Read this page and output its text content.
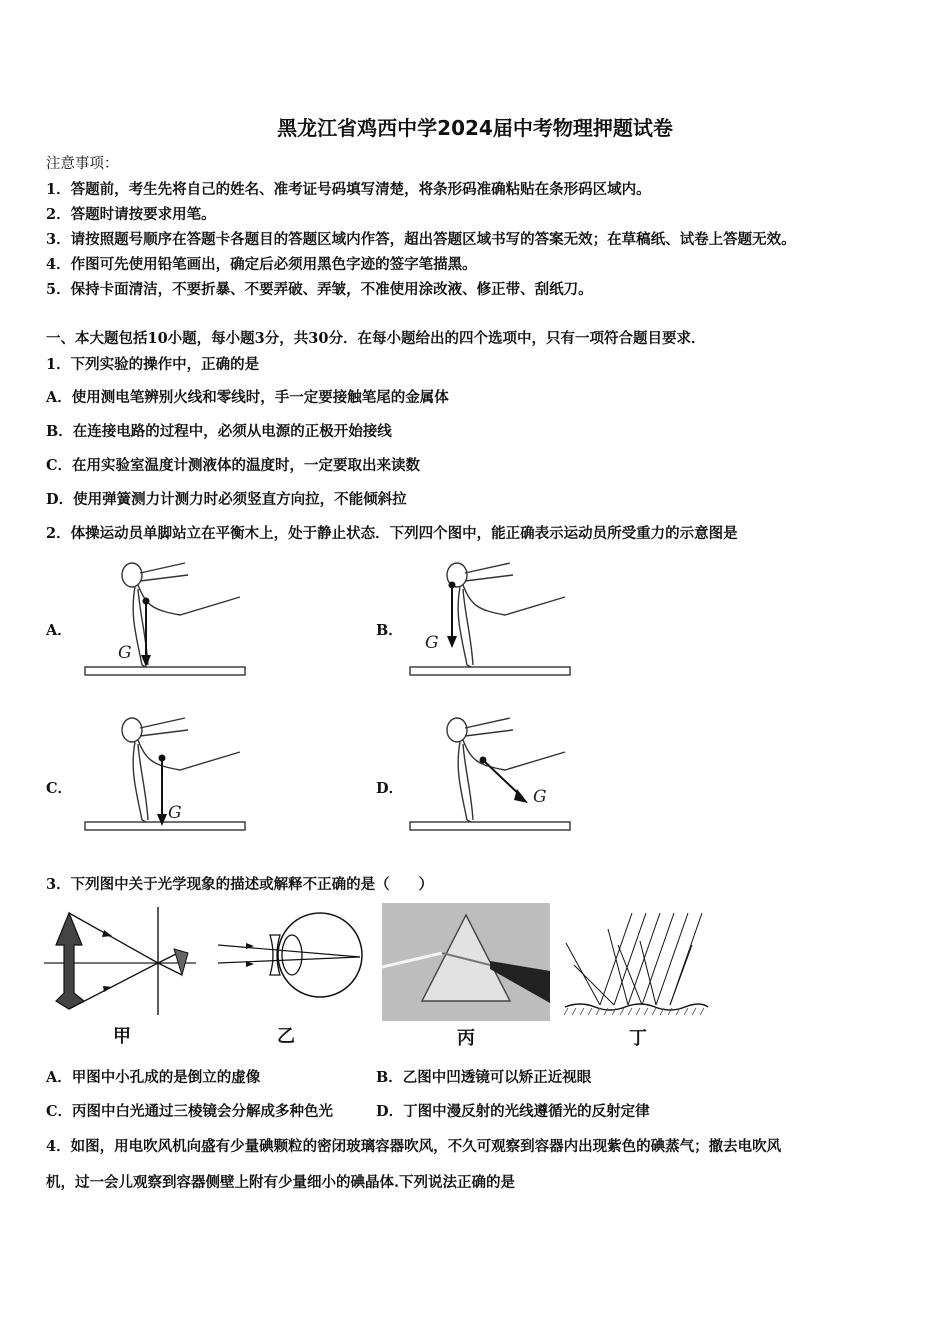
黑龙江省鸡西中学2024届中考物理押题试卷
注意事项：
1．答题前，考生先将自己的姓名、准考证号码填写清楚，将条形码准确粘贴在条形码区域内。
2．答题时请按要求用笔。
3．请按照题号顺序在答题卡各题目的答题区域内作答，超出答题区域书写的答案无效；在草稿纸、试卷上答题无效。
4．作图可先使用铅笔画出，确定后必须用黑色字迹的签字笔描黑。
5．保持卡面清洁，不要折暴、不要弄破、弄皱，不准使用涂改液、修正带、刮纸刀。
一、本大题包括10小题，每小题3分，共30分．在每小题给出的四个选项中，只有一项符合题目要求．
1．下列实验的操作中，正确的是
A．使用测电笔辨别火线和零线时，手一定要接触笔尾的金属体
B．在连接电路的过程中，必须从电源的正极开始接线
C．在用实验室温度计测液体的温度时，一定要取出来读数
D．使用弹簧测力计测力时必须竖直方向拉，不能倾斜拉
2．体操运动员单脚站立在平衡木上，处于静止状态．下列四个图中，能正确表示运动员所受重力的示意图是
A．	B．
C．	D．
G	G
G
G
3．下列图中关于光学现象的描述或解释不正确的是（　　）
甲	乙	丙	丁
A．甲图中小孔成的是倒立的虚像	B．乙图中凹透镜可以矫正近视眼
C．丙图中白光通过三棱镜会分解成多种色光	D．丁图中漫反射的光线遵循光的反射定律
4．如图，用电吹风机向盛有少量碘颗粒的密闭玻璃容器吹风，不久可观察到容器内出现紫色的碘蒸气；撤去电吹风
机，过一会儿观察到容器侧壁上附有少量细小的碘晶体.下列说法正确的是
